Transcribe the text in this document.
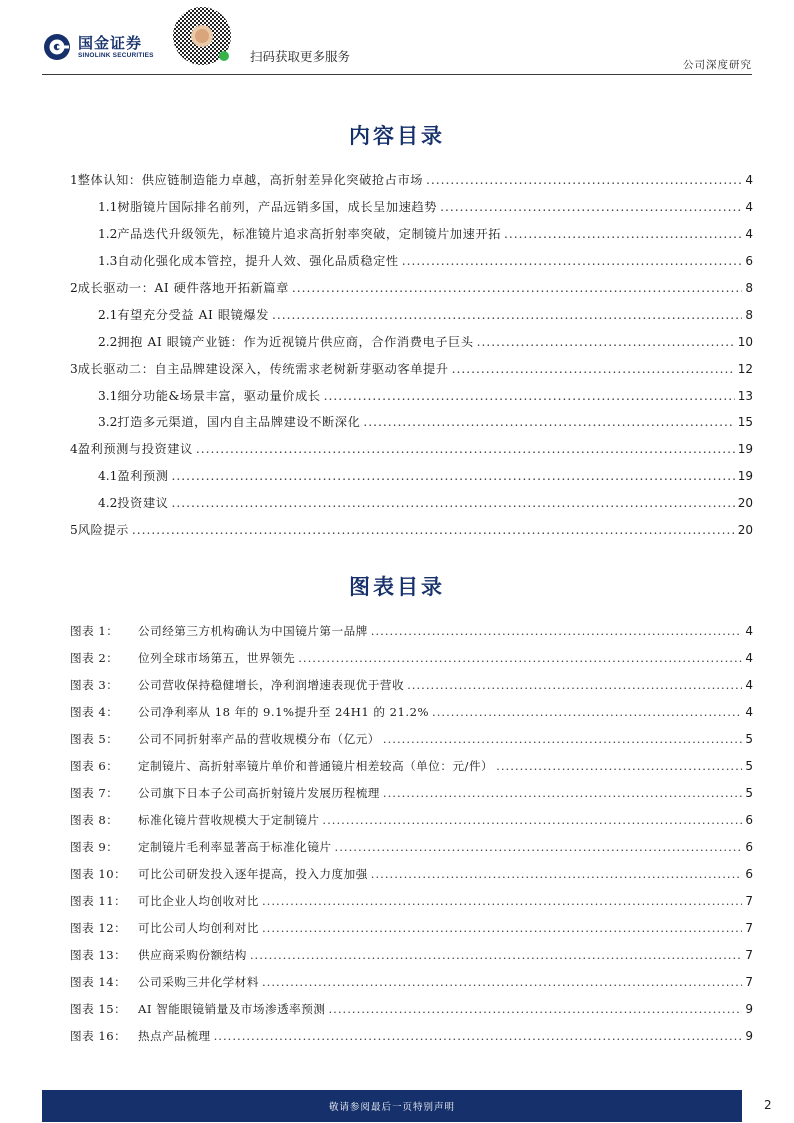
国金证券
SINOLINK SECURITIES	扫码获取更多服务
公司深度研究
内容目录
1 整体认知：供应链制造能力卓越，高折射差异化突破抢占市场 .....	4
1.1 树脂镜片国际排名前列，产品远销多国，成长呈加速趋势 .....	4
1.2 产品迭代升级领先，标准镜片追求高折射率突破，定制镜片加速开拓 .....	4
1.3 自动化强化成本管控，提升人效、强化品质稳定性 .....	6
2 成长驱动一：AI 硬件落地开拓新篇章 .....	8
2.1 有望充分受益 AI 眼镜爆发 .....	8
2.2 拥抱 AI 眼镜产业链：作为近视镜片供应商，合作消费电子巨头 .....	10
3 成长驱动二：自主品牌建设深入，传统需求老树新芽驱动客单提升 .....	12
3.1 细分功能&场景丰富，驱动量价成长 .....	13
3.2 打造多元渠道，国内自主品牌建设不断深化 .....	15
4 盈利预测与投资建议 .....	19
4.1 盈利预测 .....	19
4.2 投资建议 .....	20
5 风险提示 .....	20
图表目录
图表 1：	公司经第三方机构确认为中国镜片第一品牌 .....	4
图表 2：	位列全球市场第五，世界领先 .....	4
图表 3：	公司营收保持稳健增长，净利润增速表现优于营收 .....	4
图表 4：	公司净利率从 18 年的 9.1%提升至 24H1 的 21.2% .....	4
图表 5：	公司不同折射率产品的营收规模分布（亿元） .....	5
图表 6：	定制镜片、高折射率镜片单价和普通镜片相差较高（单位：元/件） .....	5
图表 7：	公司旗下日本子公司高折射镜片发展历程梳理 .....	5
图表 8：	标准化镜片营收规模大于定制镜片 .....	6
图表 9：	定制镜片毛利率显著高于标准化镜片 .....	6
图表 10：	可比公司研发投入逐年提高，投入力度加强 .....	6
图表 11：	可比企业人均创收对比 .....	7
图表 12：	可比公司人均创利对比 .....	7
图表 13：	供应商采购份额结构 .....	7
图表 14：	公司采购三井化学材料 .....	7
图表 15：	AI 智能眼镜销量及市场渗透率预测 .....	9
图表 16：	热点产品梳理 .....	9
敬请参阅最后一页特别声明	2
